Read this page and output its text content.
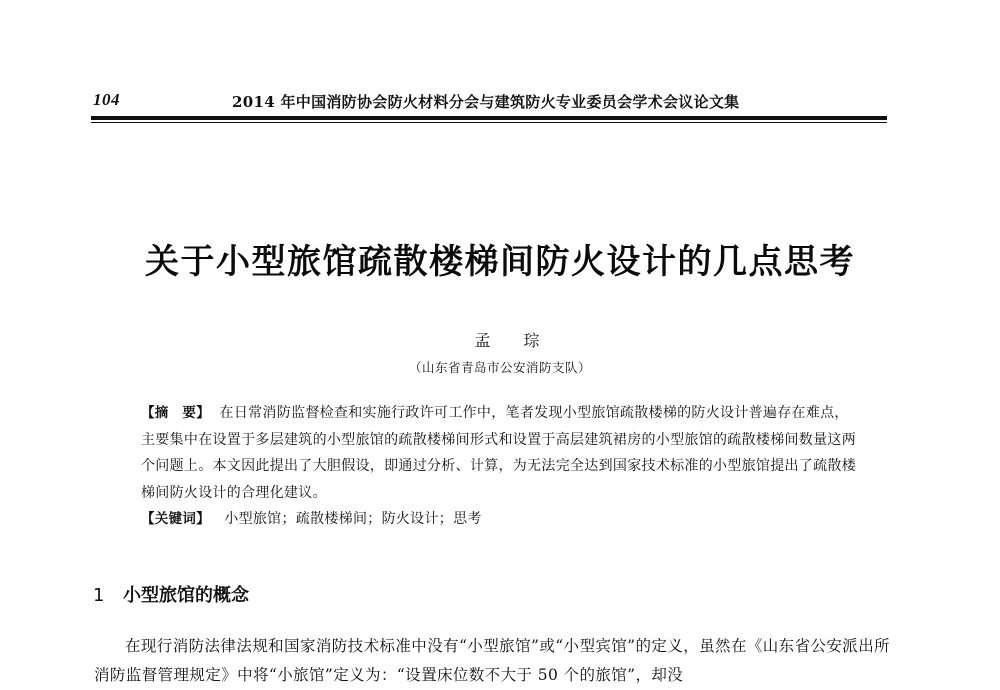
104	2014 年中国消防协会防火材料分会与建筑防火专业委员会学术会议论文集
关于小型旅馆疏散楼梯间防火设计的几点思考
孟 琮
（山东省青岛市公安消防支队）

【摘　要】 在日常消防监督检查和实施行政许可工作中，笔者发现小型旅馆疏散楼梯的防火设计普遍存在难点，主要集中在设置于多层建筑的小型旅馆的疏散楼梯间形式和设置于高层建筑裙房的小型旅馆的疏散楼梯间数量这两个问题上。本文因此提出了大胆假设，即通过分析、计算，为无法完全达到国家技术标准的小型旅馆提出了疏散楼梯间防火设计的合理化建议。

【关键词】 小型旅馆；疏散楼梯间；防火设计；思考
1 小型旅馆的概念

在现行消防法律法规和国家消防技术标准中没有“小型旅馆”或“小型宾馆”的定义，虽然在《山东省公安派出所消防监督管理规定》中将“小旅馆”定义为：“设置床位数不大于 50 个的旅馆”，却没
